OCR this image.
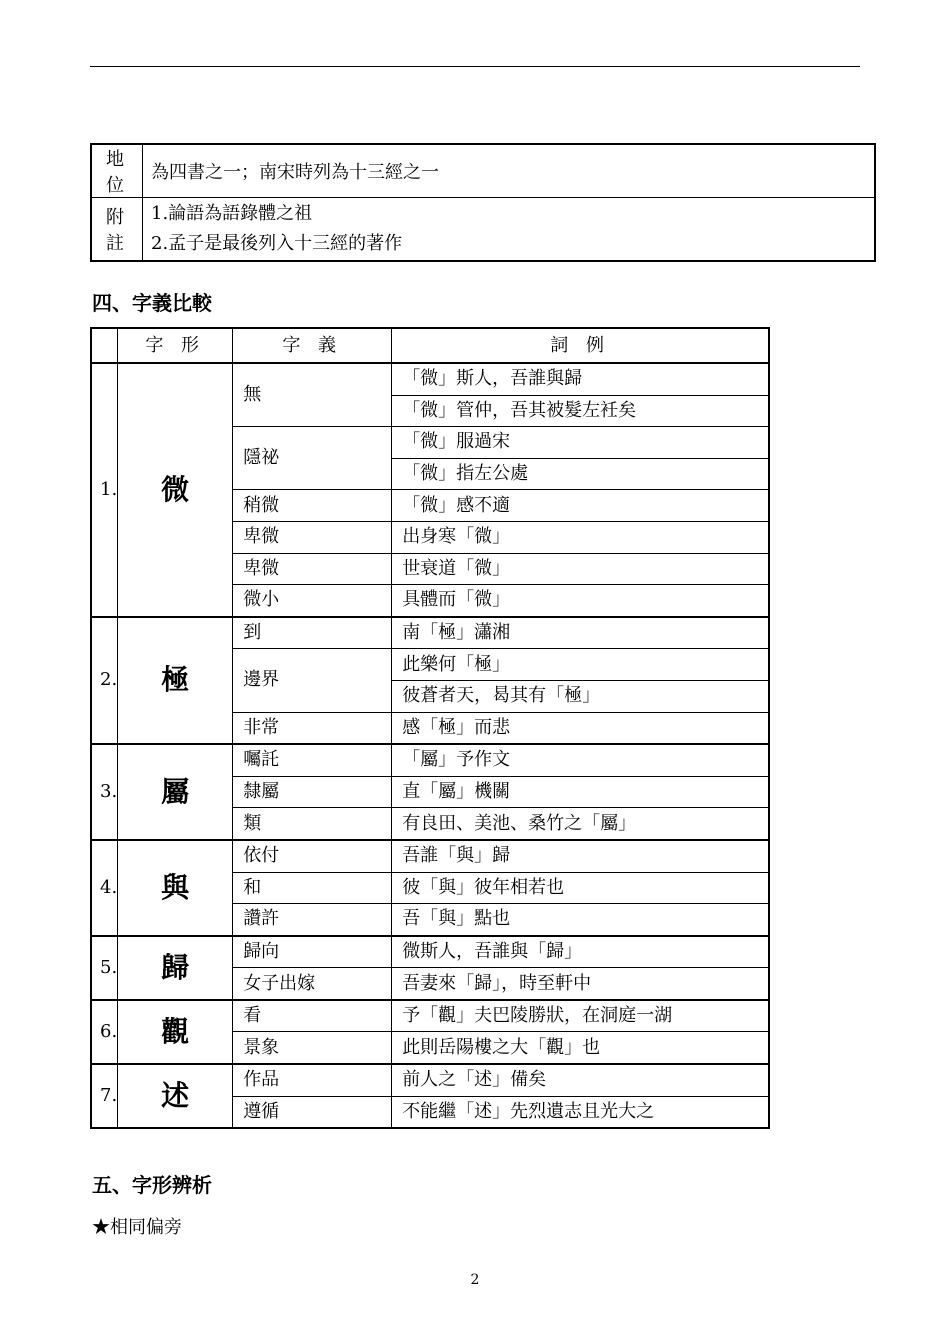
地 位	為四書之一；南宋時列為十三經之一
附 註	1.論語為語錄體之祖
2.孟子是最後列入十三經的著作
四、字義比較
	字 形	字 義	詞 例
1.	微	無	「微」斯人，吾誰與歸
			「微」管仲，吾其被髮左衽矣
		隱祕	「微」服過宋
			「微」指左公處
		稍微	「微」感不適
		卑微	出身寒「微」
		卑微	世衰道「微」
		微小	具體而「微」
2.	極	到	南「極」瀟湘
		邊界	此樂何「極」
			彼蒼者天，曷其有「極」
		非常	感「極」而悲
3.	屬	囑託	「屬」予作文
		隸屬	直「屬」機關
		類	有良田、美池、桑竹之「屬」
4.	與	依付	吾誰「與」歸
		和	彼「與」彼年相若也
		讚許	吾「與」點也
5.	歸	歸向	微斯人，吾誰與「歸」
		女子出嫁	吾妻來「歸」，時至軒中
6.	觀	看	予「觀」夫巴陵勝狀，在洞庭一湖
		景象	此則岳陽樓之大「觀」也
7.	述	作品	前人之「述」備矣
		遵循	不能繼「述」先烈遺志且光大之
五、字形辨析
★相同偏旁
2
